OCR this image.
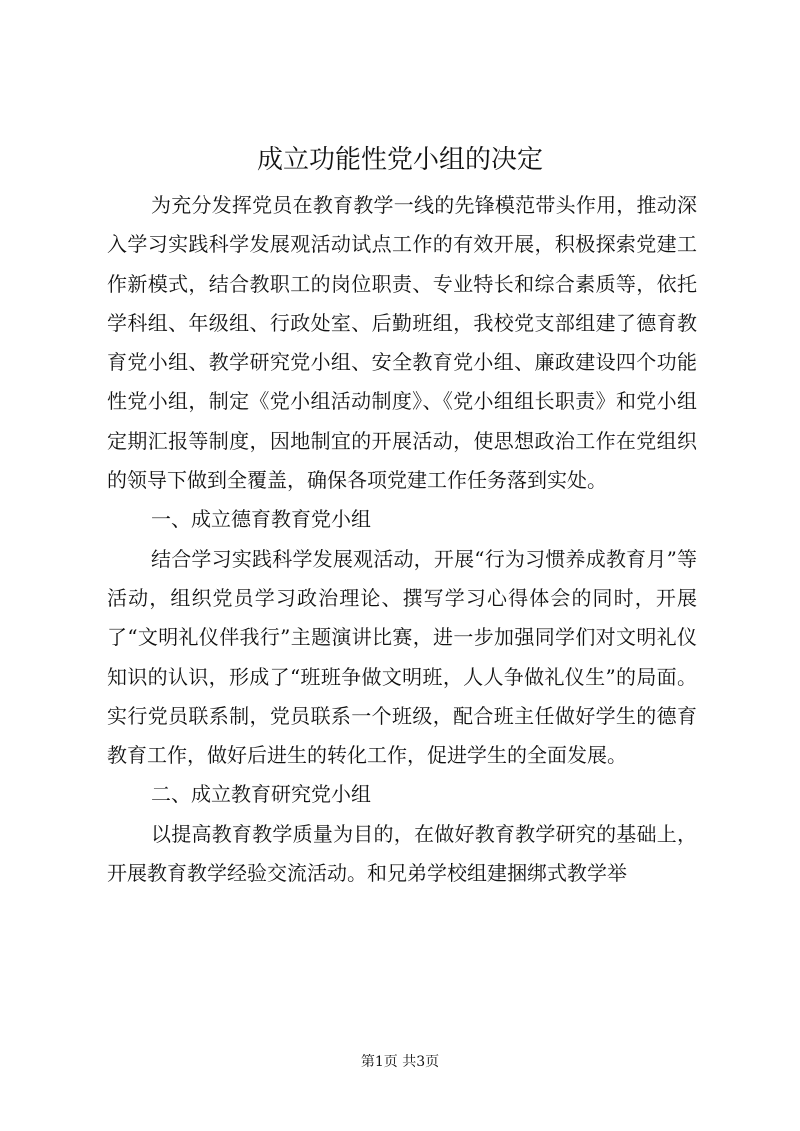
成立功能性党小组的决定

为充分发挥党员在教育教学一线的先锋模范带头作用，推动深入学习实践科学发展观活动试点工作的有效开展，积极探索党建工作新模式，结合教职工的岗位职责、专业特长和综合素质等，依托学科组、年级组、行政处室、后勤班组，我校党支部组建了德育教育党小组、教学研究党小组、安全教育党小组、廉政建设四个功能性党小组，制定《党小组活动制度》、《党小组组长职责》和党小组定期汇报等制度，因地制宜的开展活动，使思想政治工作在党组织的领导下做到全覆盖，确保各项党建工作任务落到实处。

一、成立德育教育党小组

结合学习实践科学发展观活动，开展“行为习惯养成教育月”等活动，组织党员学习政治理论、撰写学习心得体会的同时，开展了“文明礼仪伴我行”主题演讲比赛，进一步加强同学们对文明礼仪知识的认识，形成了“班班争做文明班，人人争做礼仪生”的局面。实行党员联系制，党员联系一个班级，配合班主任做好学生的德育教育工作，做好后进生的转化工作，促进学生的全面发展。

二、成立教育研究党小组

以提高教育教学质量为目的，在做好教育教学研究的基础上，开展教育教学经验交流活动。和兄弟学校组建捆绑式教学举

第1页 共3页
